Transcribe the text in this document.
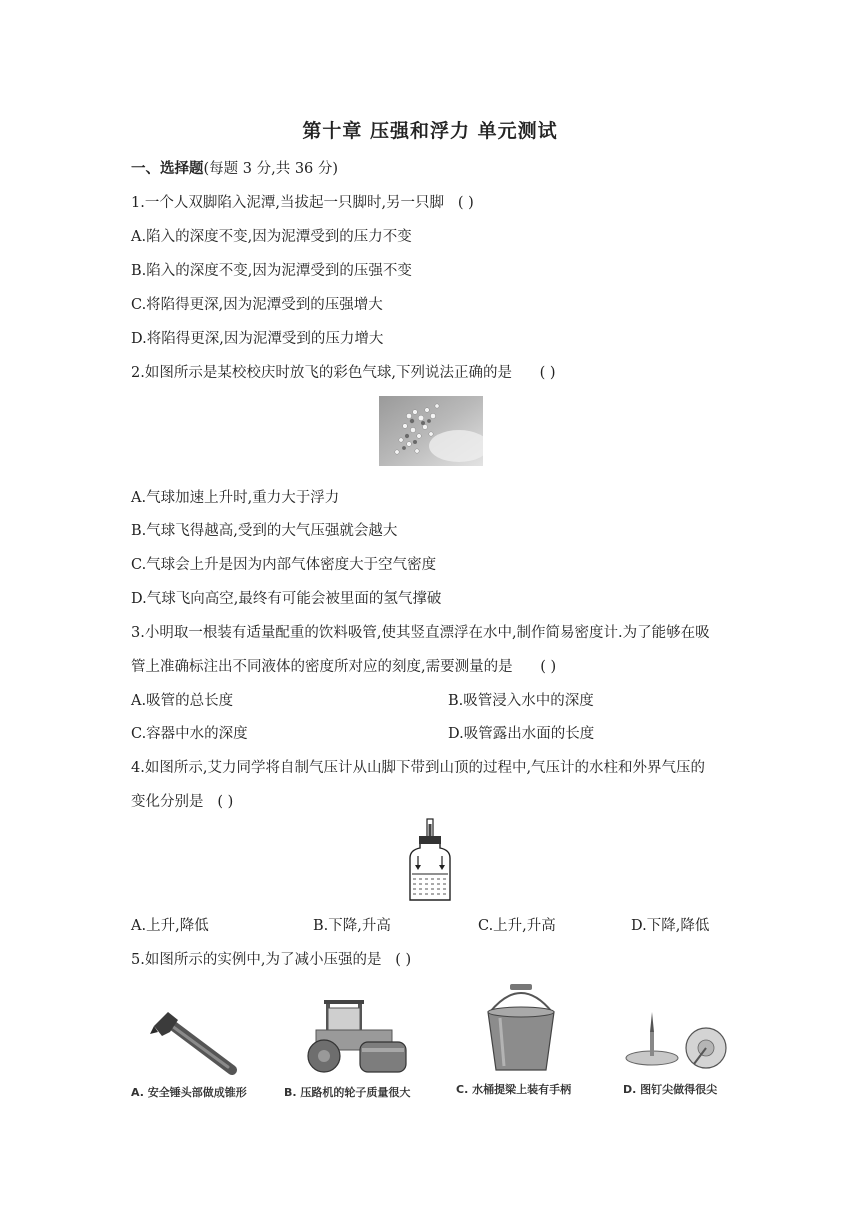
第十章 压强和浮力 单元测试
一、选择题(每题 3 分,共 36 分)
1.一个人双脚陷入泥潭,当拔起一只脚时,另一只脚 ( )
A.陷入的深度不变,因为泥潭受到的压力不变
B.陷入的深度不变,因为泥潭受到的压强不变
C.将陷得更深,因为泥潭受到的压强增大
D.将陷得更深,因为泥潭受到的压力增大
2.如图所示是某校校庆时放飞的彩色气球,下列说法正确的是 ( )
A.气球加速上升时,重力大于浮力
B.气球飞得越高,受到的大气压强就会越大
C.气球会上升是因为内部气体密度大于空气密度
D.气球飞向高空,最终有可能会被里面的氢气撑破
3.小明取一根装有适量配重的饮料吸管,使其竖直漂浮在水中,制作简易密度计.为了能够在吸
管上准确标注出不同液体的密度所对应的刻度,需要测量的是 ( )
A.吸管的总长度	B.吸管浸入水中的深度
C.容器中水的深度	D.吸管露出水面的长度
4.如图所示,艾力同学将自制气压计从山脚下带到山顶的过程中,气压计的水柱和外界气压的
变化分别是 ( )
A.上升,降低	B.下降,升高	C.上升,升高	D.下降,降低
5.如图所示的实例中,为了减小压强的是 ( )
A. 安全锤头部做成锥形	B. 压路机的轮子质量很大	C. 水桶提梁上装有手柄	D. 图钉尖做得很尖
